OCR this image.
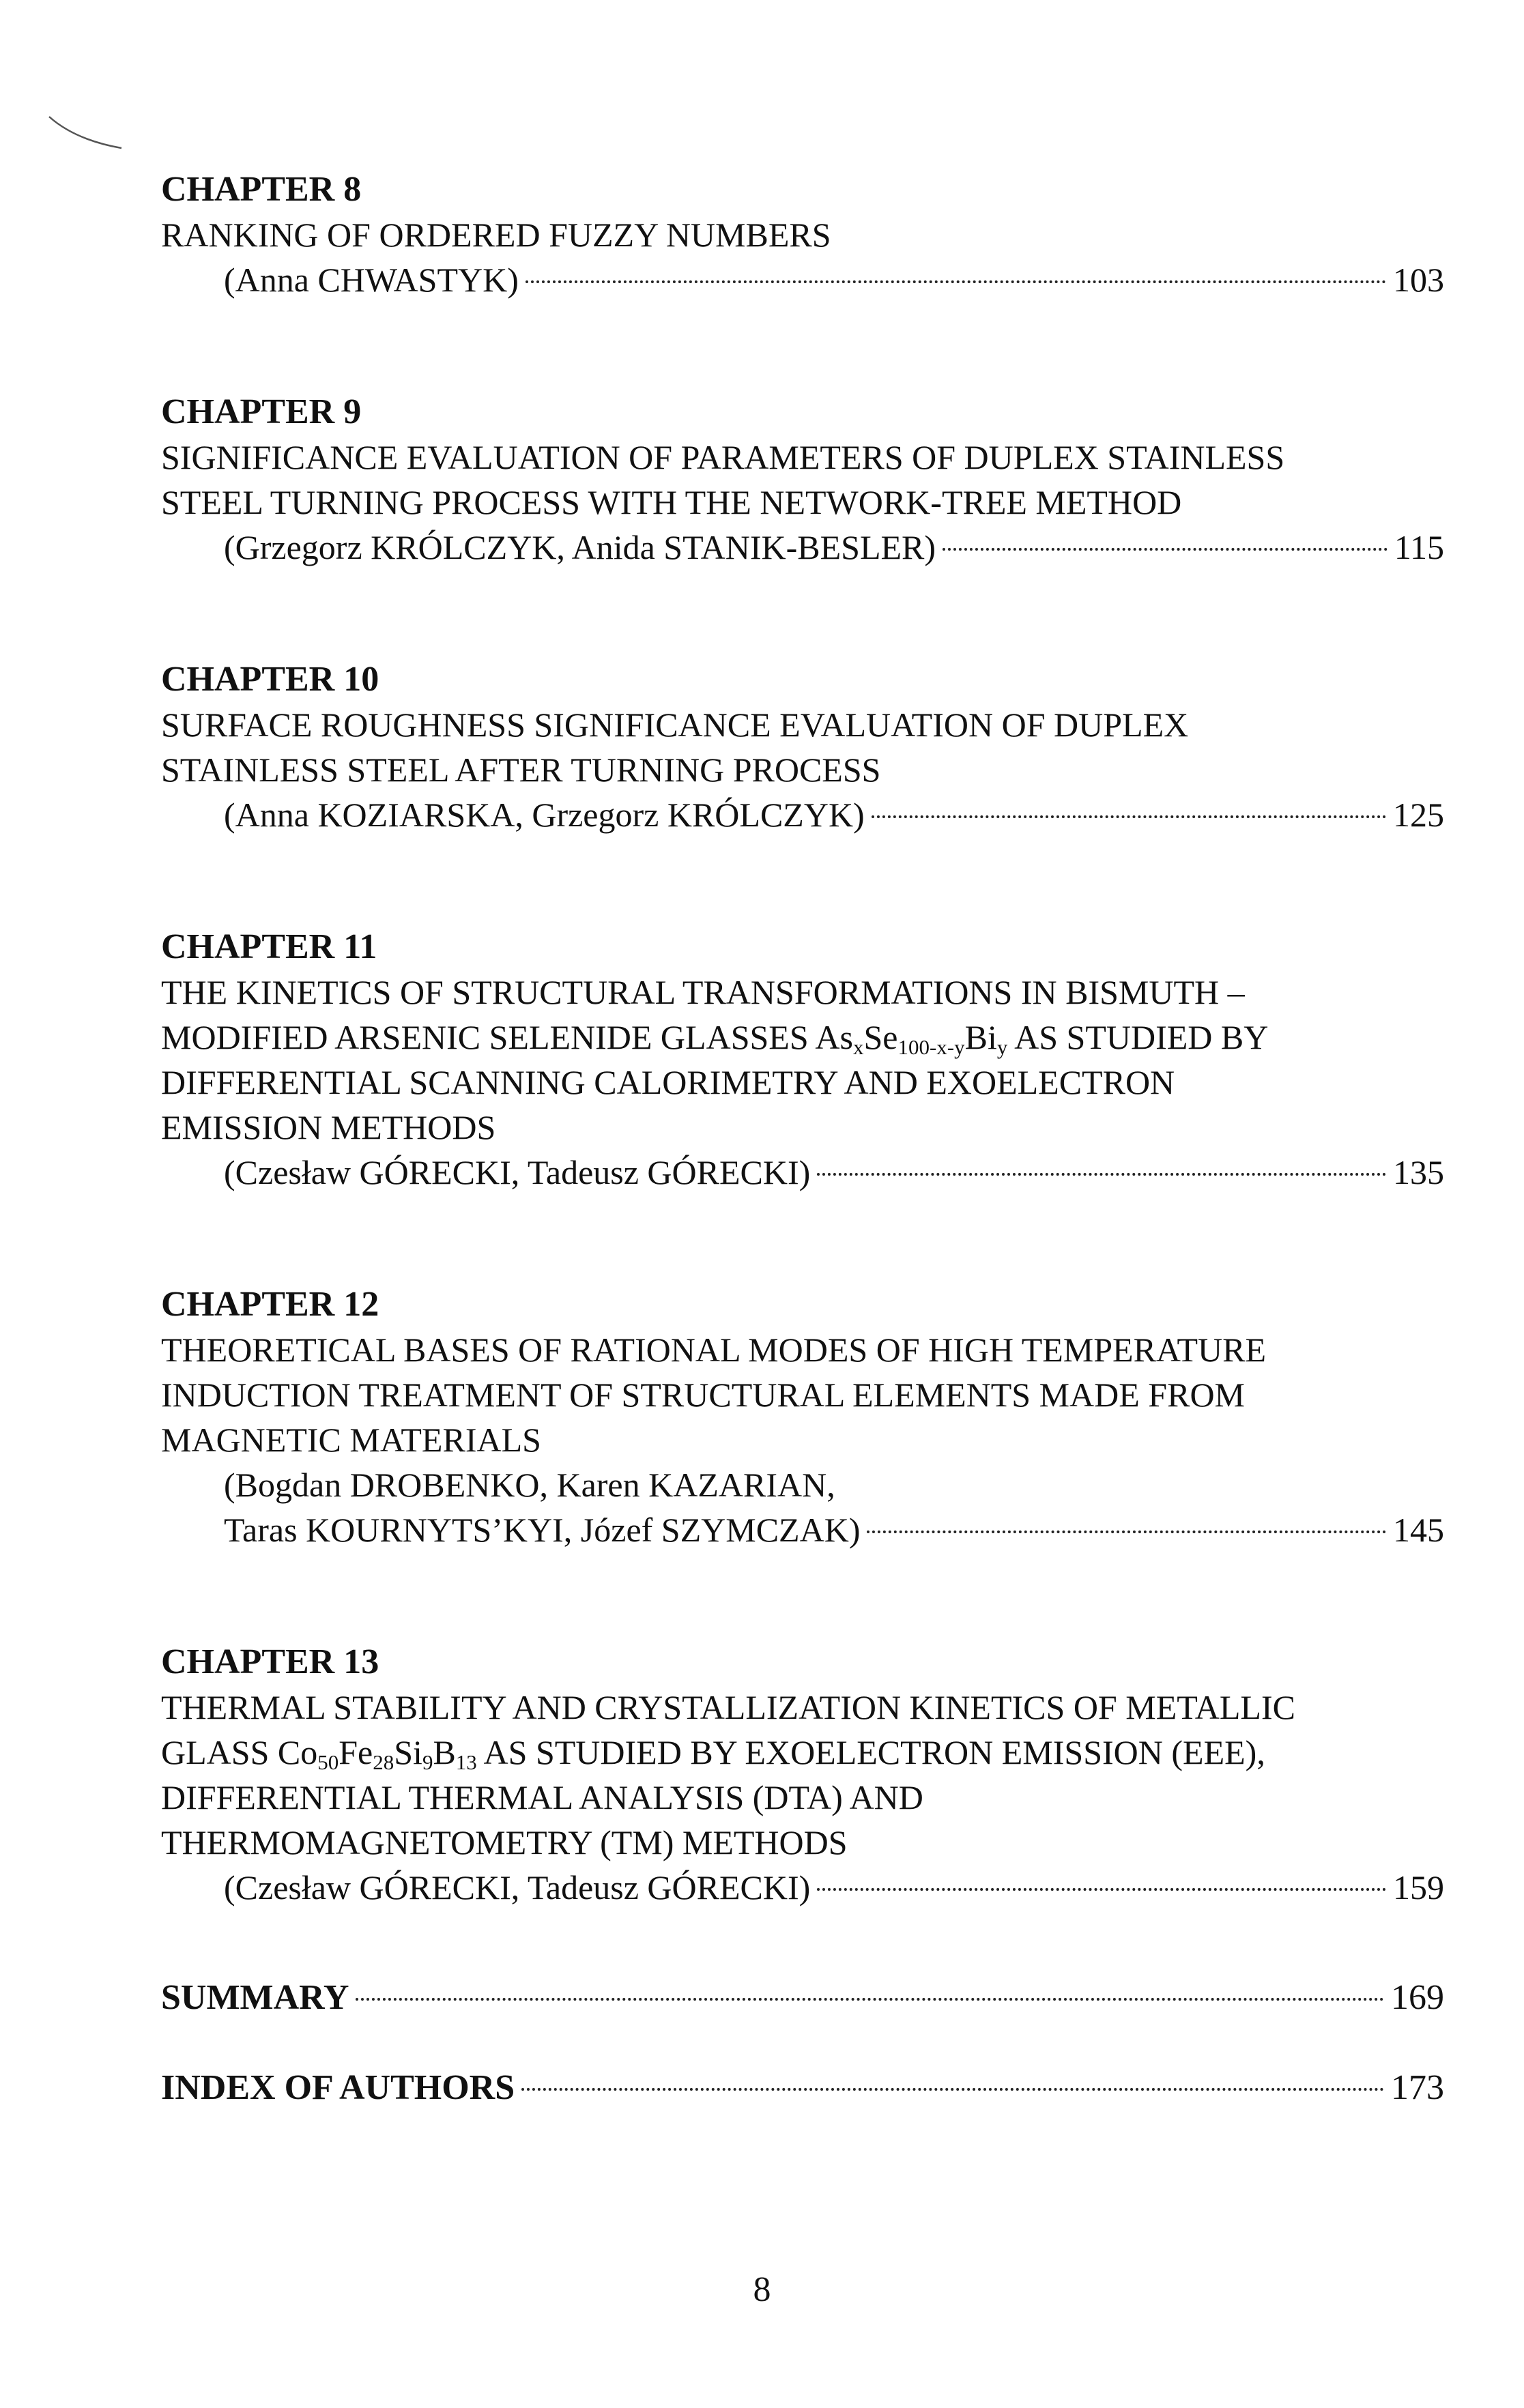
CHAPTER 8
RANKING OF ORDERED FUZZY NUMBERS
(Anna CHWASTYK)	103
CHAPTER 9
SIGNIFICANCE EVALUATION OF PARAMETERS OF DUPLEX STAINLESS
STEEL TURNING PROCESS WITH THE NETWORK-TREE METHOD
(Grzegorz KRÓLCZYK, Anida STANIK-BESLER)	115
CHAPTER 10
SURFACE ROUGHNESS SIGNIFICANCE EVALUATION OF DUPLEX
STAINLESS STEEL AFTER TURNING PROCESS
(Anna KOZIARSKA, Grzegorz KRÓLCZYK)	125
CHAPTER 11
THE KINETICS OF STRUCTURAL TRANSFORMATIONS IN BISMUTH –
MODIFIED ARSENIC SELENIDE GLASSES $As_xSe_{100-x-y}Bi_y$ AS STUDIED BY
DIFFERENTIAL SCANNING CALORIMETRY AND EXOELECTRON
EMISSION METHODS
(Czesław GÓRECKI, Tadeusz GÓRECKI)	135
CHAPTER 12
THEORETICAL BASES OF RATIONAL MODES OF HIGH TEMPERATURE
INDUCTION TREATMENT OF STRUCTURAL ELEMENTS MADE FROM
MAGNETIC MATERIALS
(Bogdan DROBENKO, Karen KAZARIAN,
Taras KOURNYTS’KYI, Józef SZYMCZAK)	145
CHAPTER 13
THERMAL STABILITY AND CRYSTALLIZATION KINETICS OF METALLIC
GLASS $Co_{50}Fe_{28}Si_9B_{13}$ AS STUDIED BY EXOELECTRON EMISSION (EEE),
DIFFERENTIAL THERMAL ANALYSIS (DTA) AND
THERMOMAGNETOMETRY (TM) METHODS
(Czesław GÓRECKI, Tadeusz GÓRECKI)	159
SUMMARY	169
INDEX OF AUTHORS	173
8
